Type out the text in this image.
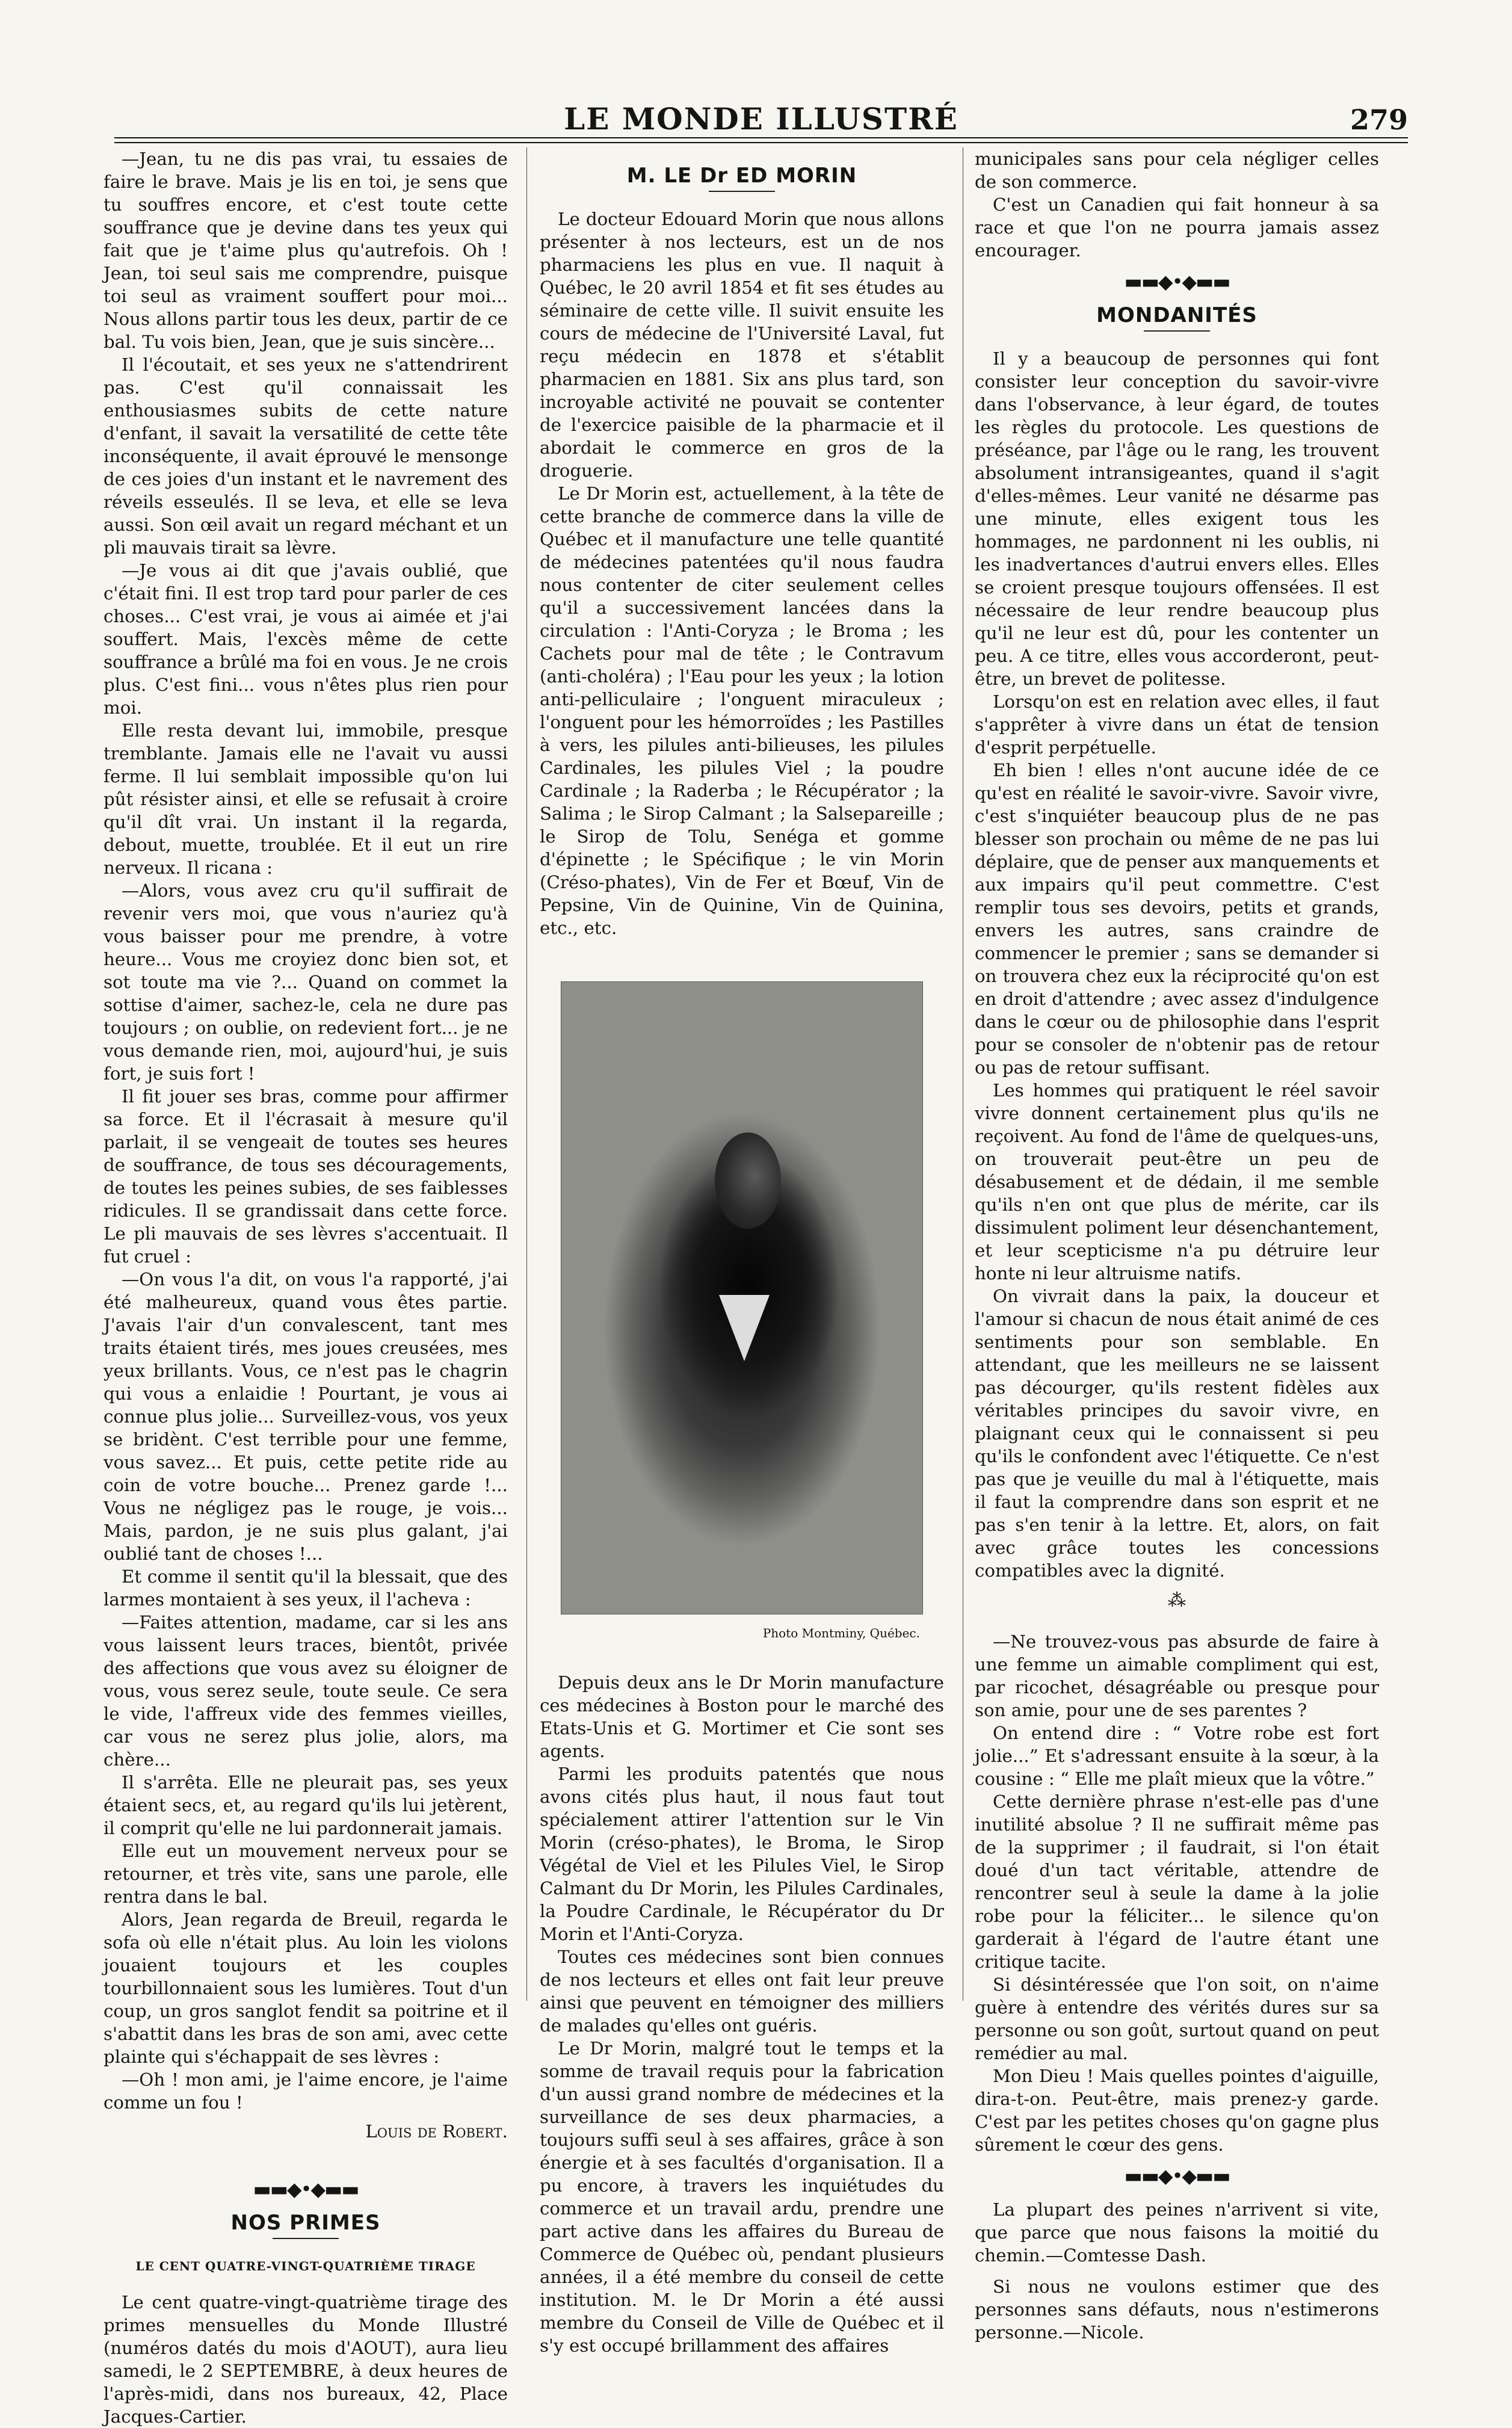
LE MONDE ILLUSTRÉ	279

—Jean, tu ne dis pas vrai, tu essaies de faire le brave. Mais je lis en toi, je sens que tu souffres encore, et c'est toute cette souffrance que je devine dans tes yeux qui fait que je t'aime plus qu'autrefois. Oh ! Jean, toi seul sais me comprendre, puisque toi seul as vraiment souffert pour moi... Nous allons partir tous les deux, partir de ce bal. Tu vois bien, Jean, que je suis sincère...

Il l'écoutait, et ses yeux ne s'attendrirent pas. C'est qu'il connaissait les enthousiasmes subits de cette nature d'enfant, il savait la versatilité de cette tête inconséquente, il avait éprouvé le mensonge de ces joies d'un instant et le navrement des réveils esseulés. Il se leva, et elle se leva aussi. Son œil avait un regard méchant et un pli mauvais tirait sa lèvre.

—Je vous ai dit que j'avais oublié, que c'était fini. Il est trop tard pour parler de ces choses... C'est vrai, je vous ai aimée et j'ai souffert. Mais, l'excès même de cette souffrance a brûlé ma foi en vous. Je ne crois plus. C'est fini... vous n'êtes plus rien pour moi.

Elle resta devant lui, immobile, presque tremblante. Jamais elle ne l'avait vu aussi ferme. Il lui semblait impossible qu'on lui pût résister ainsi, et elle se refusait à croire qu'il dît vrai. Un instant il la regarda, debout, muette, troublée. Et il eut un rire nerveux. Il ricana :

—Alors, vous avez cru qu'il suffirait de revenir vers moi, que vous n'auriez qu'à vous baisser pour me prendre, à votre heure... Vous me croyiez donc bien sot, et sot toute ma vie ?... Quand on commet la sottise d'aimer, sachez-le, cela ne dure pas toujours ; on oublie, on redevient fort... je ne vous demande rien, moi, aujourd'hui, je suis fort, je suis fort !

Il fit jouer ses bras, comme pour affirmer sa force. Et il l'écrasait à mesure qu'il parlait, il se vengeait de toutes ses heures de souffrance, de tous ses découragements, de toutes les peines subies, de ses faiblesses ridicules. Il se grandissait dans cette force. Le pli mauvais de ses lèvres s'accentuait. Il fut cruel :

—On vous l'a dit, on vous l'a rapporté, j'ai été malheureux, quand vous êtes partie. J'avais l'air d'un convalescent, tant mes traits étaient tirés, mes joues creusées, mes yeux brillants. Vous, ce n'est pas le chagrin qui vous a enlaidie ! Pourtant, je vous ai connue plus jolie... Surveillez-vous, vos yeux se bridènt. C'est terrible pour une femme, vous savez... Et puis, cette petite ride au coin de votre bouche... Prenez garde !... Vous ne négligez pas le rouge, je vois... Mais, pardon, je ne suis plus galant, j'ai oublié tant de choses !...

Et comme il sentit qu'il la blessait, que des larmes montaient à ses yeux, il l'acheva :

—Faites attention, madame, car si les ans vous laissent leurs traces, bientôt, privée des affections que vous avez su éloigner de vous, vous serez seule, toute seule. Ce sera le vide, l'affreux vide des femmes vieilles, car vous ne serez plus jolie, alors, ma chère...

Il s'arrêta. Elle ne pleurait pas, ses yeux étaient secs, et, au regard qu'ils lui jetèrent, il comprit qu'elle ne lui pardonnerait jamais.

Elle eut un mouvement nerveux pour se retourner, et très vite, sans une parole, elle rentra dans le bal.

Alors, Jean regarda de Breuil, regarda le sofa où elle n'était plus. Au loin les violons jouaient toujours et les couples tourbillonnaient sous les lumières. Tout d'un coup, un gros sanglot fendit sa poitrine et il s'abattit dans les bras de son ami, avec cette plainte qui s'échappait de ses lèvres :

—Oh ! mon ami, je l'aime encore, je l'aime comme un fou !

Louis de Robert.

▬▬◆•◆▬▬
NOS PRIMES
LE CENT QUATRE-VINGT-QUATRIÈME TIRAGE

Le cent quatre-vingt-quatrième tirage des primes mensuelles du Monde Illustré (numéros datés du mois d'AOUT), aura lieu samedi, le 2 SEPTEMBRE, à deux heures de l'après-midi, dans nos bureaux, 42, Place Jacques-Cartier.

M. LE Dr ED MORIN

Le docteur Edouard Morin que nous allons présenter à nos lecteurs, est un de nos pharmaciens les plus en vue. Il naquit à Québec, le 20 avril 1854 et fit ses études au séminaire de cette ville. Il suivit ensuite les cours de médecine de l'Université Laval, fut reçu médecin en 1878 et s'établit pharmacien en 1881. Six ans plus tard, son incroyable activité ne pouvait se contenter de l'exercice paisible de la pharmacie et il abordait le commerce en gros de la droguerie.

Le Dr Morin est, actuellement, à la tête de cette branche de commerce dans la ville de Québec et il manufacture une telle quantité de médecines patentées qu'il nous faudra nous contenter de citer seulement celles qu'il a successivement lancées dans la circulation : l'Anti-Coryza ; le Broma ; les Cachets pour mal de tête ; le Contravum (anti-choléra) ; l'Eau pour les yeux ; la lotion anti-pelliculaire ; l'onguent miraculeux ; l'onguent pour les hémorroïdes ; les Pastilles à vers, les pilules anti-bilieuses, les pilules Cardinales, les pilules Viel ; la poudre Cardinale ; la Raderba ; le Récupérator ; la Salima ; le Sirop Calmant ; la Salsepareille ; le Sirop de Tolu, Senéga et gomme d'épinette ; le Spécifique ; le vin Morin (Créso-phates), Vin de Fer et Bœuf, Vin de Pepsine, Vin de Quinine, Vin de Quinina, etc., etc.

Photo Montminy, Québec.

Depuis deux ans le Dr Morin manufacture ces médecines à Boston pour le marché des Etats-Unis et G. Mortimer et Cie sont ses agents.

Parmi les produits patentés que nous avons cités plus haut, il nous faut tout spécialement attirer l'attention sur le Vin Morin (créso-phates), le Broma, le Sirop Végétal de Viel et les Pilules Viel, le Sirop Calmant du Dr Morin, les Pilules Cardinales, la Poudre Cardinale, le Récupérator du Dr Morin et l'Anti-Coryza.

Toutes ces médecines sont bien connues de nos lecteurs et elles ont fait leur preuve ainsi que peuvent en témoigner des milliers de malades qu'elles ont guéris.

Le Dr Morin, malgré tout le temps et la somme de travail requis pour la fabrication d'un aussi grand nombre de médecines et la surveillance de ses deux pharmacies, a toujours suffi seul à ses affaires, grâce à son énergie et à ses facultés d'organisation. Il a pu encore, à travers les inquiétudes du commerce et un travail ardu, prendre une part active dans les affaires du Bureau de Commerce de Québec où, pendant plusieurs années, il a été membre du conseil de cette institution. M. le Dr Morin a été aussi membre du Conseil de Ville de Québec et il s'y est occupé brillamment des affaires

municipales sans pour cela négliger celles de son commerce.

C'est un Canadien qui fait honneur à sa race et que l'on ne pourra jamais assez encourager.

▬▬◆•◆▬▬
MONDANITÉS

Il y a beaucoup de personnes qui font consister leur conception du savoir-vivre dans l'observance, à leur égard, de toutes les règles du protocole. Les questions de préséance, par l'âge ou le rang, les trouvent absolument intransigeantes, quand il s'agit d'elles-mêmes. Leur vanité ne désarme pas une minute, elles exigent tous les hommages, ne pardonnent ni les oublis, ni les inadvertances d'autrui envers elles. Elles se croient presque toujours offensées. Il est nécessaire de leur rendre beaucoup plus qu'il ne leur est dû, pour les contenter un peu. A ce titre, elles vous accorderont, peut-être, un brevet de politesse.

Lorsqu'on est en relation avec elles, il faut s'apprêter à vivre dans un état de tension d'esprit perpétuelle.

Eh bien ! elles n'ont aucune idée de ce qu'est en réalité le savoir-vivre. Savoir vivre, c'est s'inquiéter beaucoup plus de ne pas blesser son prochain ou même de ne pas lui déplaire, que de penser aux manquements et aux impairs qu'il peut commettre. C'est remplir tous ses devoirs, petits et grands, envers les autres, sans craindre de commencer le premier ; sans se demander si on trouvera chez eux la réciprocité qu'on est en droit d'attendre ; avec assez d'indulgence dans le cœur ou de philosophie dans l'esprit pour se consoler de n'obtenir pas de retour ou pas de retour suffisant.

Les hommes qui pratiquent le réel savoir vivre donnent certainement plus qu'ils ne reçoivent. Au fond de l'âme de quelques-uns, on trouverait peut-être un peu de désabusement et de dédain, il me semble qu'ils n'en ont que plus de mérite, car ils dissimulent poliment leur désenchantement, et leur scepticisme n'a pu détruire leur honte ni leur altruisme natifs.

On vivrait dans la paix, la douceur et l'amour si chacun de nous était animé de ces sentiments pour son semblable. En attendant, que les meilleurs ne se laissent pas décourger, qu'ils restent fidèles aux véritables principes du savoir vivre, en plaignant ceux qui le connaissent si peu qu'ils le confondent avec l'étiquette. Ce n'est pas que je veuille du mal à l'étiquette, mais il faut la comprendre dans son esprit et ne pas s'en tenir à la lettre. Et, alors, on fait avec grâce toutes les concessions compatibles avec la dignité.

⁂

—Ne trouvez-vous pas absurde de faire à une femme un aimable compliment qui est, par ricochet, désagréable ou presque pour son amie, pour une de ses parentes ?

On entend dire : “ Votre robe est fort jolie...” Et s'adressant ensuite à la sœur, à la cousine : “ Elle me plaît mieux que la vôtre.”

Cette dernière phrase n'est-elle pas d'une inutilité absolue ? Il ne suffirait même pas de la supprimer ; il faudrait, si l'on était doué d'un tact véritable, attendre de rencontrer seul à seule la dame à la jolie robe pour la féliciter... le silence qu'on garderait à l'égard de l'autre étant une critique tacite.

Si désintéressée que l'on soit, on n'aime guère à entendre des vérités dures sur sa personne ou son goût, surtout quand on peut remédier au mal.

Mon Dieu ! Mais quelles pointes d'aiguille, dira-t-on. Peut-être, mais prenez-y garde. C'est par les petites choses qu'on gagne plus sûrement le cœur des gens.

▬▬◆•◆▬▬

La plupart des peines n'arrivent si vite, que parce que nous faisons la moitié du chemin.—Comtesse Dash.

Si nous ne voulons estimer que des personnes sans défauts, nous n'estimerons personne.—Nicole.
